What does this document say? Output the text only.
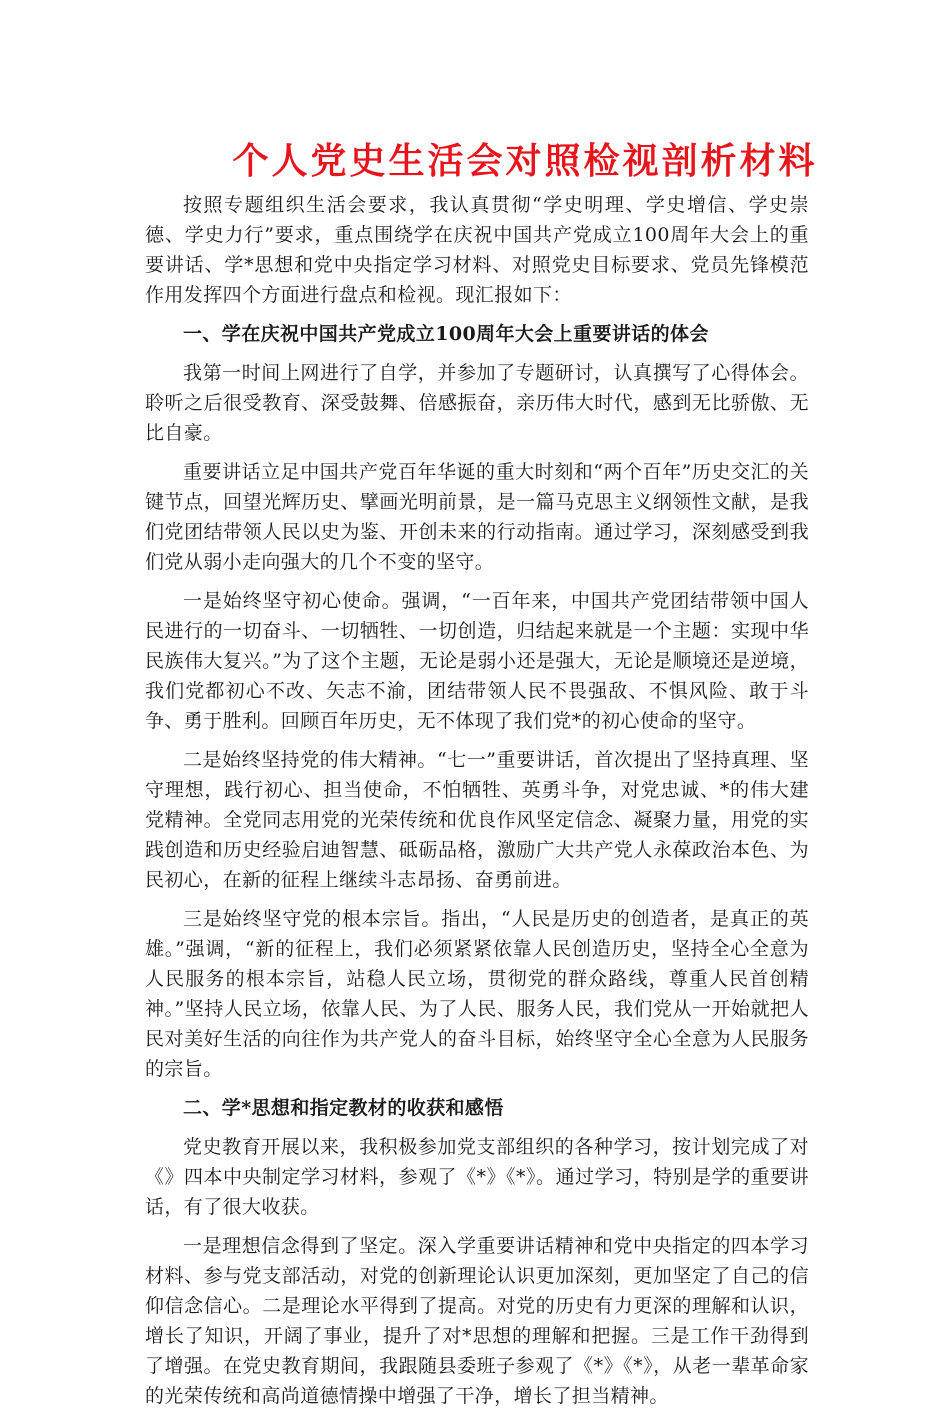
个人党史生活会对照检视剖析材料

按照专题组织生活会要求，我认真贯彻“学史明理、学史增信、学史崇德、学史力行”要求，重点围绕学在庆祝中国共产党成立100周年大会上的重要讲话、学*思想和党中央指定学习材料、对照党史目标要求、党员先锋模范作用发挥四个方面进行盘点和检视。现汇报如下：

一、学在庆祝中国共产党成立100周年大会上重要讲话的体会

我第一时间上网进行了自学，并参加了专题研讨，认真撰写了心得体会。聆听之后很受教育、深受鼓舞、倍感振奋，亲历伟大时代，感到无比骄傲、无比自豪。

重要讲话立足中国共产党百年华诞的重大时刻和“两个百年”历史交汇的关键节点，回望光辉历史、擘画光明前景，是一篇马克思主义纲领性文献，是我们党团结带领人民以史为鉴、开创未来的行动指南。通过学习，深刻感受到我们党从弱小走向强大的几个不变的坚守。

一是始终坚守初心使命。强调，“一百年来，中国共产党团结带领中国人民进行的一切奋斗、一切牺牲、一切创造，归结起来就是一个主题：实现中华民族伟大复兴。”为了这个主题，无论是弱小还是强大，无论是顺境还是逆境，我们党都初心不改、矢志不渝，团结带领人民不畏强敌、不惧风险、敢于斗争、勇于胜利。回顾百年历史，无不体现了我们党*的初心使命的坚守。

二是始终坚持党的伟大精神。“七一”重要讲话，首次提出了坚持真理、坚守理想，践行初心、担当使命，不怕牺牲、英勇斗争，对党忠诚、*的伟大建党精神。全党同志用党的光荣传统和优良作风坚定信念、凝聚力量，用党的实践创造和历史经验启迪智慧、砥砺品格，激励广大共产党人永葆政治本色、为民初心，在新的征程上继续斗志昂扬、奋勇前进。

三是始终坚守党的根本宗旨。指出，“人民是历史的创造者，是真正的英雄。”强调，“新的征程上，我们必须紧紧依靠人民创造历史，坚持全心全意为人民服务的根本宗旨，站稳人民立场，贯彻党的群众路线，尊重人民首创精神。”坚持人民立场，依靠人民、为了人民、服务人民，我们党从一开始就把人民对美好生活的向往作为共产党人的奋斗目标，始终坚守全心全意为人民服务的宗旨。

二、学*思想和指定教材的收获和感悟

党史教育开展以来，我积极参加党支部组织的各种学习，按计划完成了对《》四本中央制定学习材料，参观了《*》《*》。通过学习，特别是学的重要讲话，有了很大收获。

一是理想信念得到了坚定。深入学重要讲话精神和党中央指定的四本学习材料、参与党支部活动，对党的创新理论认识更加深刻，更加坚定了自己的信仰信念信心。二是理论水平得到了提高。对党的历史有力更深的理解和认识，增长了知识，开阔了事业，提升了对*思想的理解和把握。三是工作干劲得到了增强。在党史教育期间，我跟随县委班子参观了《*》《*》，从老一辈革命家的光荣传统和高尚道德情操中增强了干净，增长了担当精神。
